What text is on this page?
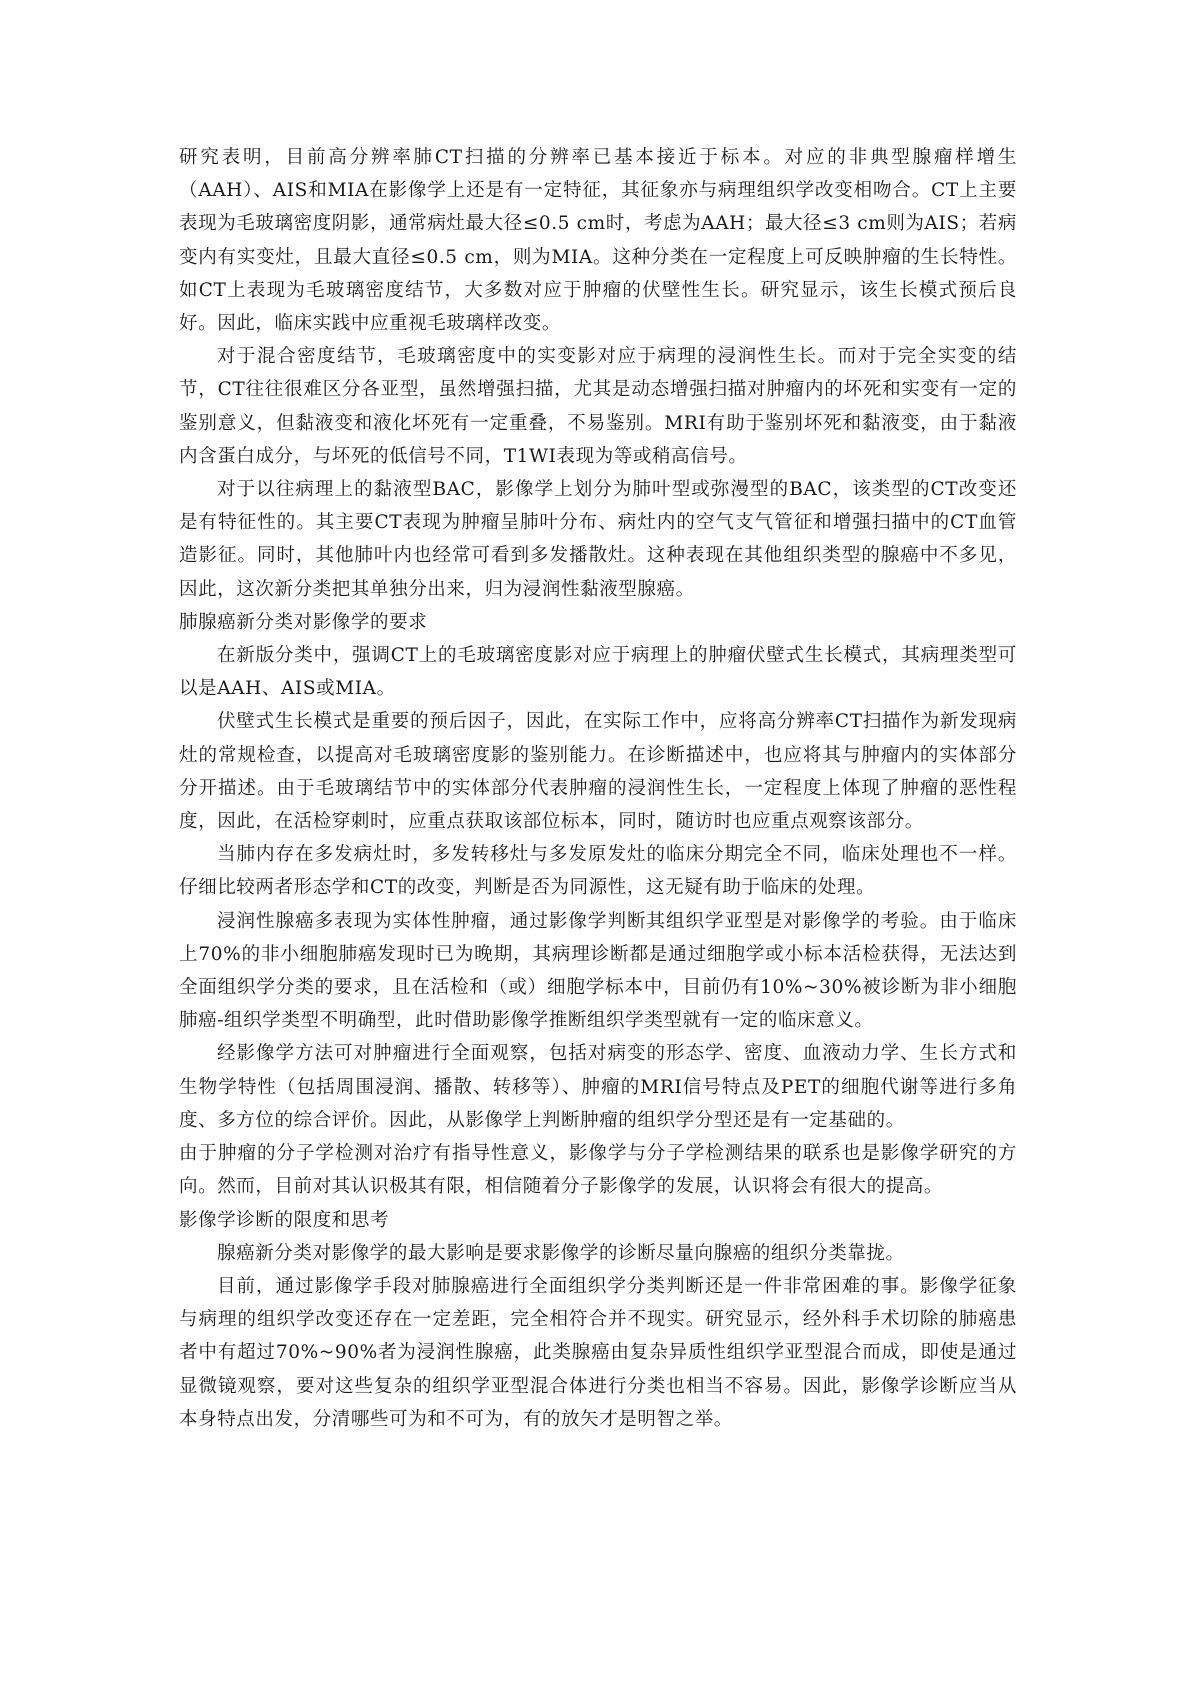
研究表明，目前高分辨率肺CT扫描的分辨率已基本接近于标本。对应的非典型腺瘤样增生（AAH）、AIS和MIA在影像学上还是有一定特征，其征象亦与病理组织学改变相吻合。CT上主要表现为毛玻璃密度阴影，通常病灶最大径≤0.5 cm时，考虑为AAH；最大径≤3 cm则为AIS；若病变内有实变灶，且最大直径≤0.5 cm，则为MIA。这种分类在一定程度上可反映肿瘤的生长特性。如CT上表现为毛玻璃密度结节，大多数对应于肿瘤的伏壁性生长。研究显示，该生长模式预后良好。因此，临床实践中应重视毛玻璃样改变。

对于混合密度结节，毛玻璃密度中的实变影对应于病理的浸润性生长。而对于完全实变的结节，CT往往很难区分各亚型，虽然增强扫描，尤其是动态增强扫描对肿瘤内的坏死和实变有一定的鉴别意义，但黏液变和液化坏死有一定重叠，不易鉴别。MRI有助于鉴别坏死和黏液变，由于黏液内含蛋白成分，与坏死的低信号不同，T1WI表现为等或稍高信号。

对于以往病理上的黏液型BAC，影像学上划分为肺叶型或弥漫型的BAC，该类型的CT改变还是有特征性的。其主要CT表现为肿瘤呈肺叶分布、病灶内的空气支气管征和增强扫描中的CT血管造影征。同时，其他肺叶内也经常可看到多发播散灶。这种表现在其他组织类型的腺癌中不多见，因此，这次新分类把其单独分出来，归为浸润性黏液型腺癌。

肺腺癌新分类对影像学的要求

在新版分类中，强调CT上的毛玻璃密度影对应于病理上的肿瘤伏壁式生长模式，其病理类型可以是AAH、AIS或MIA。

伏壁式生长模式是重要的预后因子，因此，在实际工作中，应将高分辨率CT扫描作为新发现病灶的常规检查，以提高对毛玻璃密度影的鉴别能力。在诊断描述中，也应将其与肿瘤内的实体部分分开描述。由于毛玻璃结节中的实体部分代表肿瘤的浸润性生长，一定程度上体现了肿瘤的恶性程度，因此，在活检穿刺时，应重点获取该部位标本，同时，随访时也应重点观察该部分。

当肺内存在多发病灶时，多发转移灶与多发原发灶的临床分期完全不同，临床处理也不一样。仔细比较两者形态学和CT的改变，判断是否为同源性，这无疑有助于临床的处理。

浸润性腺癌多表现为实体性肿瘤，通过影像学判断其组织学亚型是对影像学的考验。由于临床上70%的非小细胞肺癌发现时已为晚期，其病理诊断都是通过细胞学或小标本活检获得，无法达到全面组织学分类的要求，且在活检和（或）细胞学标本中，目前仍有10%~30%被诊断为非小细胞肺癌-组织学类型不明确型，此时借助影像学推断组织学类型就有一定的临床意义。

经影像学方法可对肿瘤进行全面观察，包括对病变的形态学、密度、血液动力学、生长方式和生物学特性（包括周围浸润、播散、转移等）、肿瘤的MRI信号特点及PET的细胞代谢等进行多角度、多方位的综合评价。因此，从影像学上判断肿瘤的组织学分型还是有一定基础的。

由于肿瘤的分子学检测对治疗有指导性意义，影像学与分子学检测结果的联系也是影像学研究的方向。然而，目前对其认识极其有限，相信随着分子影像学的发展，认识将会有很大的提高。

影像学诊断的限度和思考

腺癌新分类对影像学的最大影响是要求影像学的诊断尽量向腺癌的组织分类靠拢。

目前，通过影像学手段对肺腺癌进行全面组织学分类判断还是一件非常困难的事。影像学征象与病理的组织学改变还存在一定差距，完全相符合并不现实。研究显示，经外科手术切除的肺癌患者中有超过70%~90%者为浸润性腺癌，此类腺癌由复杂异质性组织学亚型混合而成，即使是通过显微镜观察，要对这些复杂的组织学亚型混合体进行分类也相当不容易。因此，影像学诊断应当从本身特点出发，分清哪些可为和不可为，有的放矢才是明智之举。
